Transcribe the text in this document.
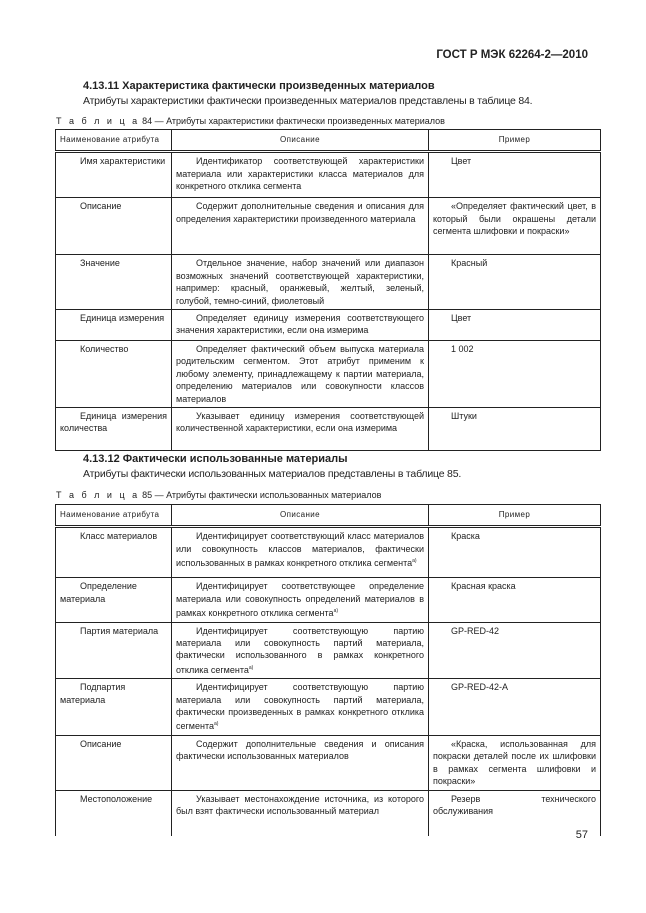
ГОСТ Р МЭК 62264-2—2010
4.13.11 Характеристика фактически произведенных материалов
Атрибуты характеристики фактически произведенных материалов представлены в таблице 84.
Т а б л и ц а 84 — Атрибуты характеристики фактически произведенных материалов
Наименование атрибута	Описание	Пример

Имя характеристики	Идентификатор соответствующей характеристики материала или характеристики класса материалов для конкретного отклика сегмента	Цвет

Описание	Содержит дополнительные сведения и описания для определения характеристики произведенного материала	«Определяет фактический цвет, в который были окрашены детали сегмента шлифовки и покраски»

Значение	Отдельное значение, набор значений или диапазон возможных значений соответствующей характеристики, например: красный, оранжевый, желтый, зеленый, голубой, темно-синий, фиолетовый	Красный

Единица измерения	Определяет единицу измерения соответствующего значения характеристики, если она измерима	Цвет

Количество	Определяет фактический объем выпуска материала родительским сегментом. Этот атрибут применим к любому элементу, принадлежащему к партии материала, определению материалов или совокупности классов материалов	1 002

Единица измерения количества	Указывает единицу измерения соответствующей количественной характеристики, если она измерима	Штуки
4.13.12 Фактически использованные материалы
Атрибуты фактически использованных материалов представлены в таблице 85.
Т а б л и ц а 85 — Атрибуты фактически использованных материалов
Наименование атрибута	Описание	Пример

Класс материалов	Идентифицирует соответствующий класс материалов или совокупность классов материалов, фактически использованных в рамках конкретного отклика сегмента$^{а)}$	Краска

Определение материала	Идентифицирует соответствующее определение материала или совокупность определений материалов в рамках конкретного отклика сегмента$^{а)}$	Красная краска

Партия материала	Идентифицирует соответствующую партию материала или совокупность партий материала, фактически использованного в рамках конкретного отклика сегмента$^{а)}$	GP-RED-42

Подпартия материала	Идентифицирует соответствующую партию материала или совокупность партий материала, фактически произведенных в рамках конкретного отклика сегмента$^{а)}$	GP-RED-42-A

Описание	Содержит дополнительные сведения и описания фактически использованных материалов	«Краска, использованная для покраски деталей после их шлифовки в рамках сегмента шлифовки и покраски»

Местоположение	Указывает местонахождение источника, из которого был взят фактически использованный материал	Резерв технического обслуживания
57
